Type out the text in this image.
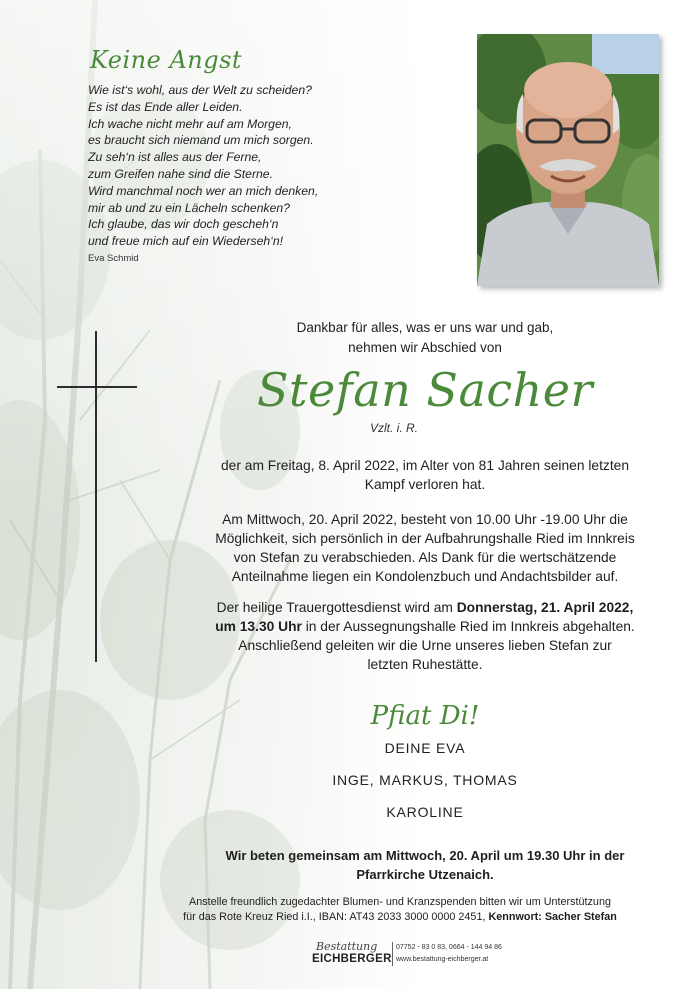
Keine Angst
Wie ist‘s wohl, aus der Welt zu scheiden?
Es ist das Ende aller Leiden.
Ich wache nicht mehr auf am Morgen,
es braucht sich niemand um mich sorgen.
Zu seh‘n ist alles aus der Ferne,
zum Greifen nahe sind die Sterne.
Wird manchmal noch wer an mich denken,
mir ab und zu ein Lächeln schenken?
Ich glaube, das wir doch gescheh‘n
und freue mich auf ein Wiederseh‘n!
Eva Schmid
Dankbar für alles, was er uns war und gab,
nehmen wir Abschied von
Stefan Sacher
Vzlt. i. R.
der am Freitag, 8. April 2022, im Alter von 81 Jahren seinen letzten
Kampf verloren hat.
Am Mittwoch, 20. April 2022, besteht von 10.00 Uhr -19.00 Uhr die
Möglichkeit, sich persönlich in der Aufbahrungshalle Ried im Innkreis
von Stefan zu verabschieden. Als Dank für die wertschätzende
Anteilnahme liegen ein Kondolenzbuch und Andachtsbilder auf.
Der heilige Trauergottesdienst wird am Donnerstag, 21. April 2022,
um 13.30 Uhr in der Aussegnungshalle Ried im Innkreis abgehalten.
Anschließend geleiten wir die Urne unseres lieben Stefan zur
letzten Ruhestätte.
Pfiat Di!
DEINE EVA
INGE, MARKUS, THOMAS
KAROLINE
Wir beten gemeinsam am Mittwoch, 20. April um 19.30 Uhr in der
Pfarrkirche Utzenaich.
Anstelle freundlich zugedachter Blumen- und Kranzspenden bitten wir um Unterstützung
für das Rote Kreuz Ried i.I., IBAN: AT43 2033 3000 0000 2451, Kennwort: Sacher Stefan
Bestattung
EICHBERGER
07752 - 83 0 83, 0664 - 144 94 86
www.bestattung-eichberger.at
